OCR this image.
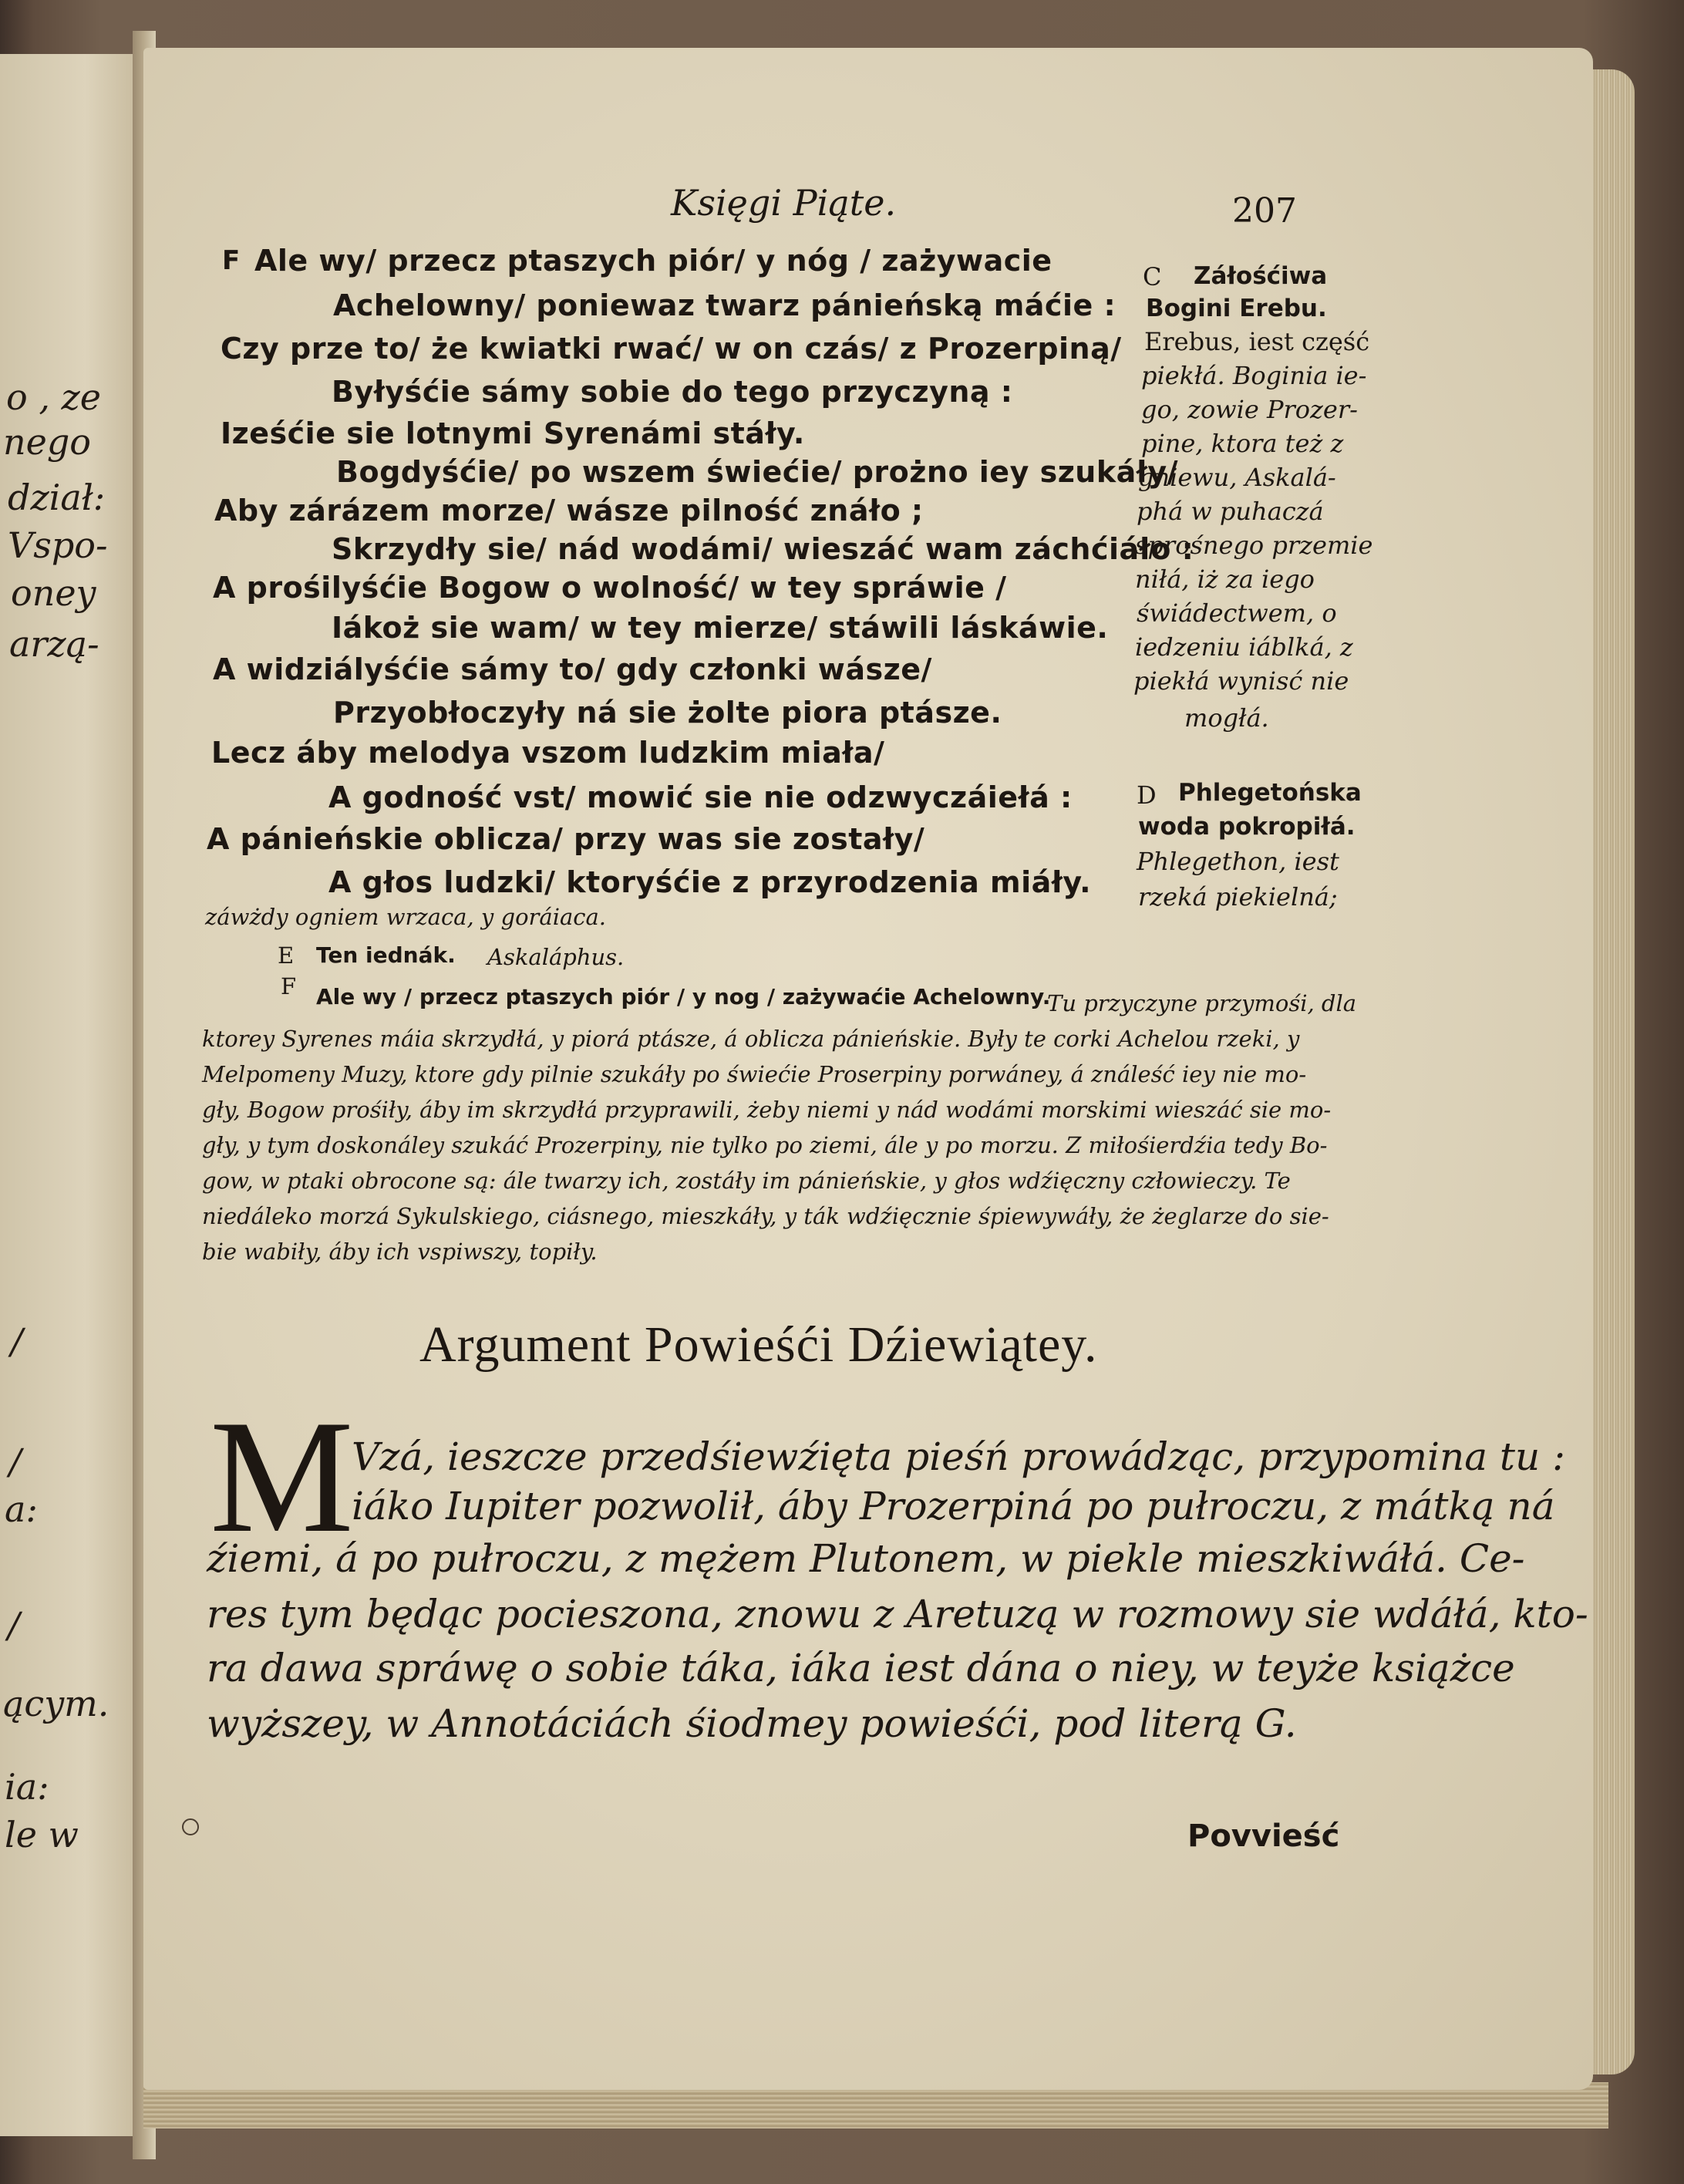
o , ze
nego
dział:
Vspo-
oney
arzą-
/
/
a:
/
ącym.
ia:
le w
Księgi Piąte.	207
F Ale wy/ przecz ptaszych piór/ y nóg / zażywacie
Achelowny/ poniewaz twarz pánieńską máćie :
Czy prze to/ że kwiatki rwać/ w on czás/ z Prozerpiną/
Byłyśćie sámy sobie do tego przyczyną :
Iześćie sie lotnymi Syrenámi stáły.
Bogdyśćie/ po wszem świećie/ prożno iey szukáły/
Aby zárázem morze/ wásze pilność znáło ;
Skrzydły sie/ nád wodámi/ wieszáć wam záchćiáło :
A prośilyśćie Bogow o wolność/ w tey spráwie /
Iákoż sie wam/ w tey mierze/ stáwili láskáwie.
A widziályśćie sámy to/ gdy członki wásze/
Przyobłoczyły ná sie żolte piora ptásze.
Lecz áby melodya vszom ludzkim miała/
A godność vst/ mowić sie nie odzwyczáiełá :
A pánieńskie oblicza/ przy was sie zostały/
A głos ludzki/ ktoryśćie z przyrodzenia miáły.
C Záłośćiwa
Bogini Erebu.
Erebus, iest część
piekłá. Boginia ie-
go, zowie Prozer-
pine, ktora też z
gniewu, Askalá-
phá w puhaczá
sprośnego przemie
niłá, iż za iego
świádectwem, o
iedzeniu iáblká, z
piekłá wynisć nie
mogłá.
D Phlegetońska
woda pokropiłá.
Phlegethon, iest
rzeká piekielná;
záwżdy ogniem wrzaca, y goráiaca.
E Ten iednák. Askaláphus.
F Ale wy / przecz ptaszych piór / y nog / zażywaćie Achelowny.
Tu przyczyne przymośi, dla
ktorey Syrenes máia skrzydłá, y piorá ptásze, á oblicza pánieńskie. Były te corki Achelou rzeki, y
Melpomeny Muzy, ktore gdy pilnie szukáły po świećie Proserpiny porwáney, á ználeść iey nie mo-
gły, Bogow prośiły, áby im skrzydłá przyprawili, żeby niemi y nád wodámi morskimi wieszáć sie mo-
gły, y tym doskonáley szukáć Prozerpiny, nie tylko po ziemi, ále y po morzu. Z miłośierdźia tedy Bo-
gow, w ptaki obrocone są: ále twarzy ich, zostáły im pánieńskie, y głos wdźięczny człowieczy. Te
niedáleko morzá Sykulskiego, ciásnego, mieszkáły, y ták wdźięcznie śpiewywáły, że żeglarze do sie-
bie wabiły, áby ich vspiwszy, topiły.
Argument Powieśći Dźiewiątey.
M
Vzá, ieszcze przedśiewźięta pieśń prowádząc, przypomina tu :
iáko Iupiter pozwolił, áby Prozerpiná po pułroczu, z mátką ná
źiemi, á po pułroczu, z mężem Plutonem, w piekle mieszkiwáłá. Ce-
res tym będąc pocieszona, znowu z Aretuzą w rozmowy sie wdáłá, kto-
ra dawa spráwę o sobie táka, iáka iest dána o niey, w teyże książce
wyższey, w Annotáciách śiodmey powieśći, pod literą G.
Povvieść
